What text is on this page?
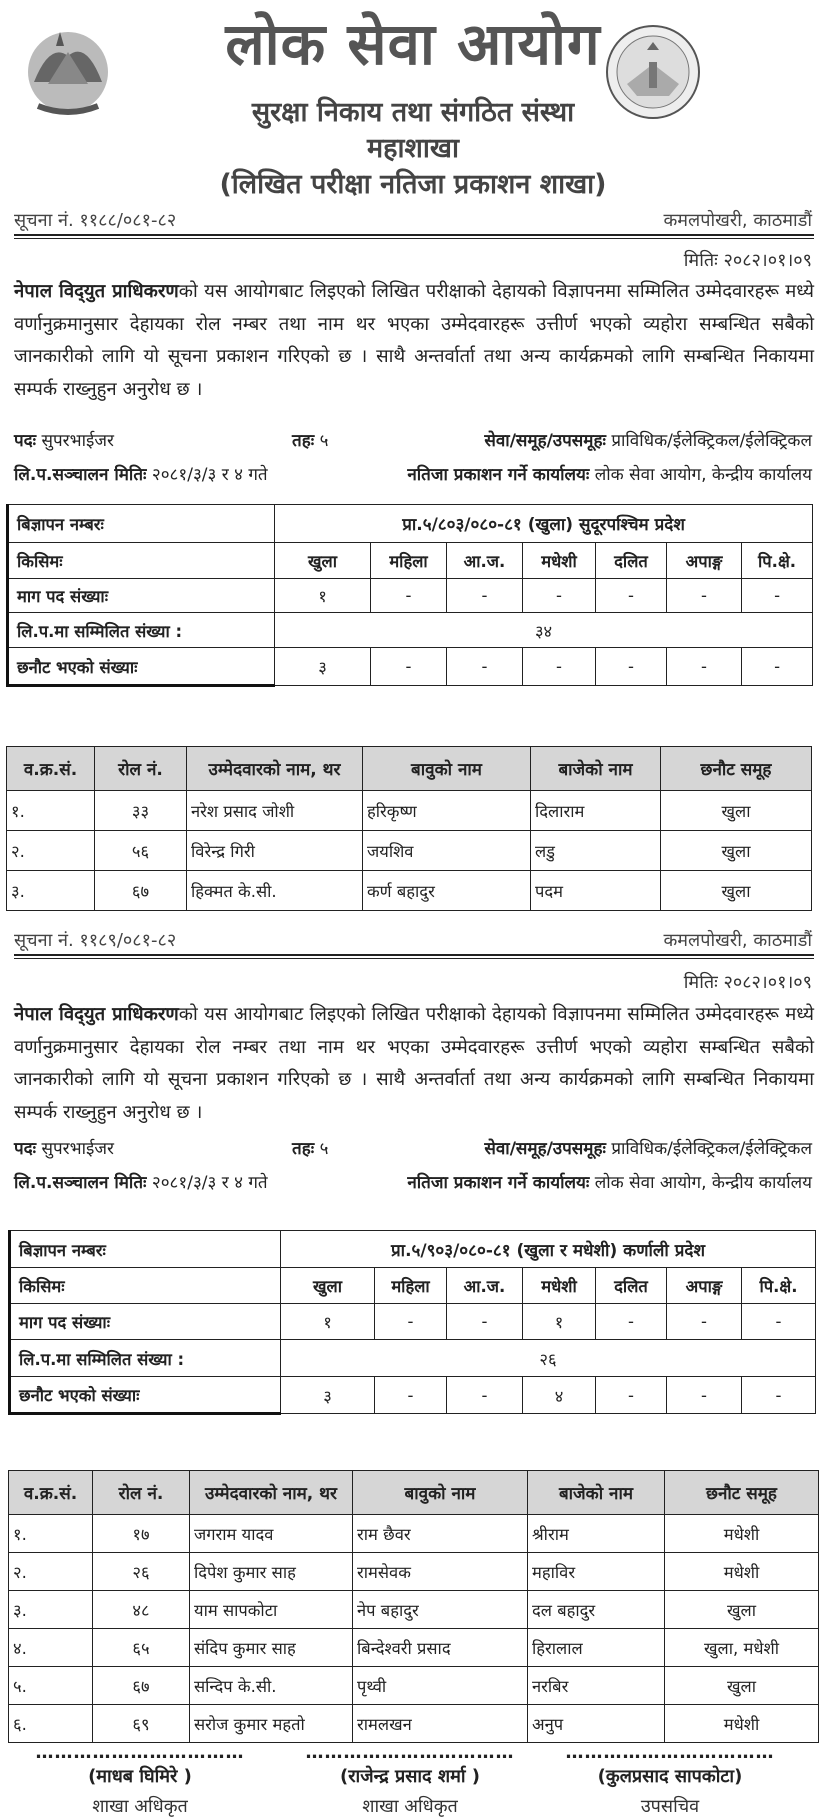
लोक सेवा आयोग
सुरक्षा निकाय तथा संगठित संस्था
महाशाखा
(लिखित परीक्षा नतिजा प्रकाशन शाखा)
सूचना नं. ११८८/०८१-८२	कमलपोखरी, काठमाडौं
मितिः २०८२।०१।०९
नेपाल विद्‌युत प्राधिकरणको यस आयोगबाट लिइएको लिखित परीक्षाको देहायको विज्ञापनमा सम्मिलित उम्मेदवारहरू मध्ये वर्णानुक्रमानुसार देहायका रोल नम्बर तथा नाम थर भएका उम्मेदवारहरू उत्तीर्ण भएको व्यहोरा सम्बन्धित सबैको जानकारीको लागि यो सूचना प्रकाशन गरिएको छ । साथै अन्तर्वार्ता तथा अन्य कार्यक्रमको लागि सम्बन्धित निकायमा सम्पर्क राख्नुहुन अनुरोध छ ।
पदः सुपरभाईजर	तहः ५	सेवा/समूह/उपसमूहः प्राविधिक/ईलेक्ट्रिकल/ईलेक्ट्रिकल
लि.प.सञ्चालन मितिः २०८१/३/३ र ४ गते	नतिजा प्रकाशन गर्ने कार्यालयः लोक सेवा आयोग, केन्द्रीय कार्यालय
बिज्ञापन नम्बरः	प्रा.५/८०३/०८०-८१ (खुला) सुदूरपश्चिम प्रदेश						
किसिमः	खुला	महिला	आ.ज.	मधेशी	दलित	अपाङ्ग	पि.क्षे.
माग पद संख्याः	१	-	-	-	-	-	-
लि.प.मा सम्मिलित संख्या :	३४						
छनौट भएको संख्याः	३	-	-	-	-	-	-
व.क्र.सं.	रोल नं.	उम्मेदवारको नाम, थर	बावुको नाम	बाजेको नाम	छनौट समूह
१.	३३	नरेश प्रसाद जोशी	हरिकृष्ण	दिलाराम	खुला
२.	५६	विरेन्द्र गिरी	जयशिव	लडु	खुला
३.	६७	हिक्मत के.सी.	कर्ण बहादुर	पदम	खुला
सूचना नं. ११८९/०८१-८२	कमलपोखरी, काठमाडौं
मितिः २०८२।०१।०९
नेपाल विद्‌युत प्राधिकरणको यस आयोगबाट लिइएको लिखित परीक्षाको देहायको विज्ञापनमा सम्मिलित उम्मेदवारहरू मध्ये वर्णानुक्रमानुसार देहायका रोल नम्बर तथा नाम थर भएका उम्मेदवारहरू उत्तीर्ण भएको व्यहोरा सम्बन्धित सबैको जानकारीको लागि यो सूचना प्रकाशन गरिएको छ । साथै अन्तर्वार्ता तथा अन्य कार्यक्रमको लागि सम्बन्धित निकायमा सम्पर्क राख्नुहुन अनुरोध छ ।
पदः सुपरभाईजर	तहः ५	सेवा/समूह/उपसमूहः प्राविधिक/ईलेक्ट्रिकल/ईलेक्ट्रिकल
लि.प.सञ्चालन मितिः २०८१/३/३ र ४ गते	नतिजा प्रकाशन गर्ने कार्यालयः लोक सेवा आयोग, केन्द्रीय कार्यालय
बिज्ञापन नम्बरः	प्रा.५/९०३/०८०-८१ (खुला र मधेशी) कर्णाली प्रदेश						
किसिमः	खुला	महिला	आ.ज.	मधेशी	दलित	अपाङ्ग	पि.क्षे.
माग पद संख्याः	१	-	-	१	-	-	-
लि.प.मा सम्मिलित संख्या :	२६						
छनौट भएको संख्याः	३	-	-	४	-	-	-
व.क्र.सं.	रोल नं.	उम्मेदवारको नाम, थर	बावुको नाम	बाजेको नाम	छनौट समूह
१.	१७	जगराम यादव	राम छैवर	श्रीराम	मधेशी
२.	२६	दिपेश कुमार साह	रामसेवक	महाविर	मधेशी
३.	४८	याम सापकोटा	नेप बहादुर	दल बहादुर	खुला
४.	६५	संदिप कुमार साह	बिन्देश्वरी प्रसाद	हिरालाल	खुला, मधेशी
५.	६७	सन्दिप के.सी.	पृथ्वी	नरबिर	खुला
६.	६९	सरोज कुमार महतो	रामलखन	अनुप	मधेशी
……………………………
(माधब घिमिरे )
शाखा अधिकृत
……………………………
(राजेन्द्र प्रसाद शर्मा )
शाखा अधिकृत
……………………………
(कुलप्रसाद सापकोटा)
उपसचिव
